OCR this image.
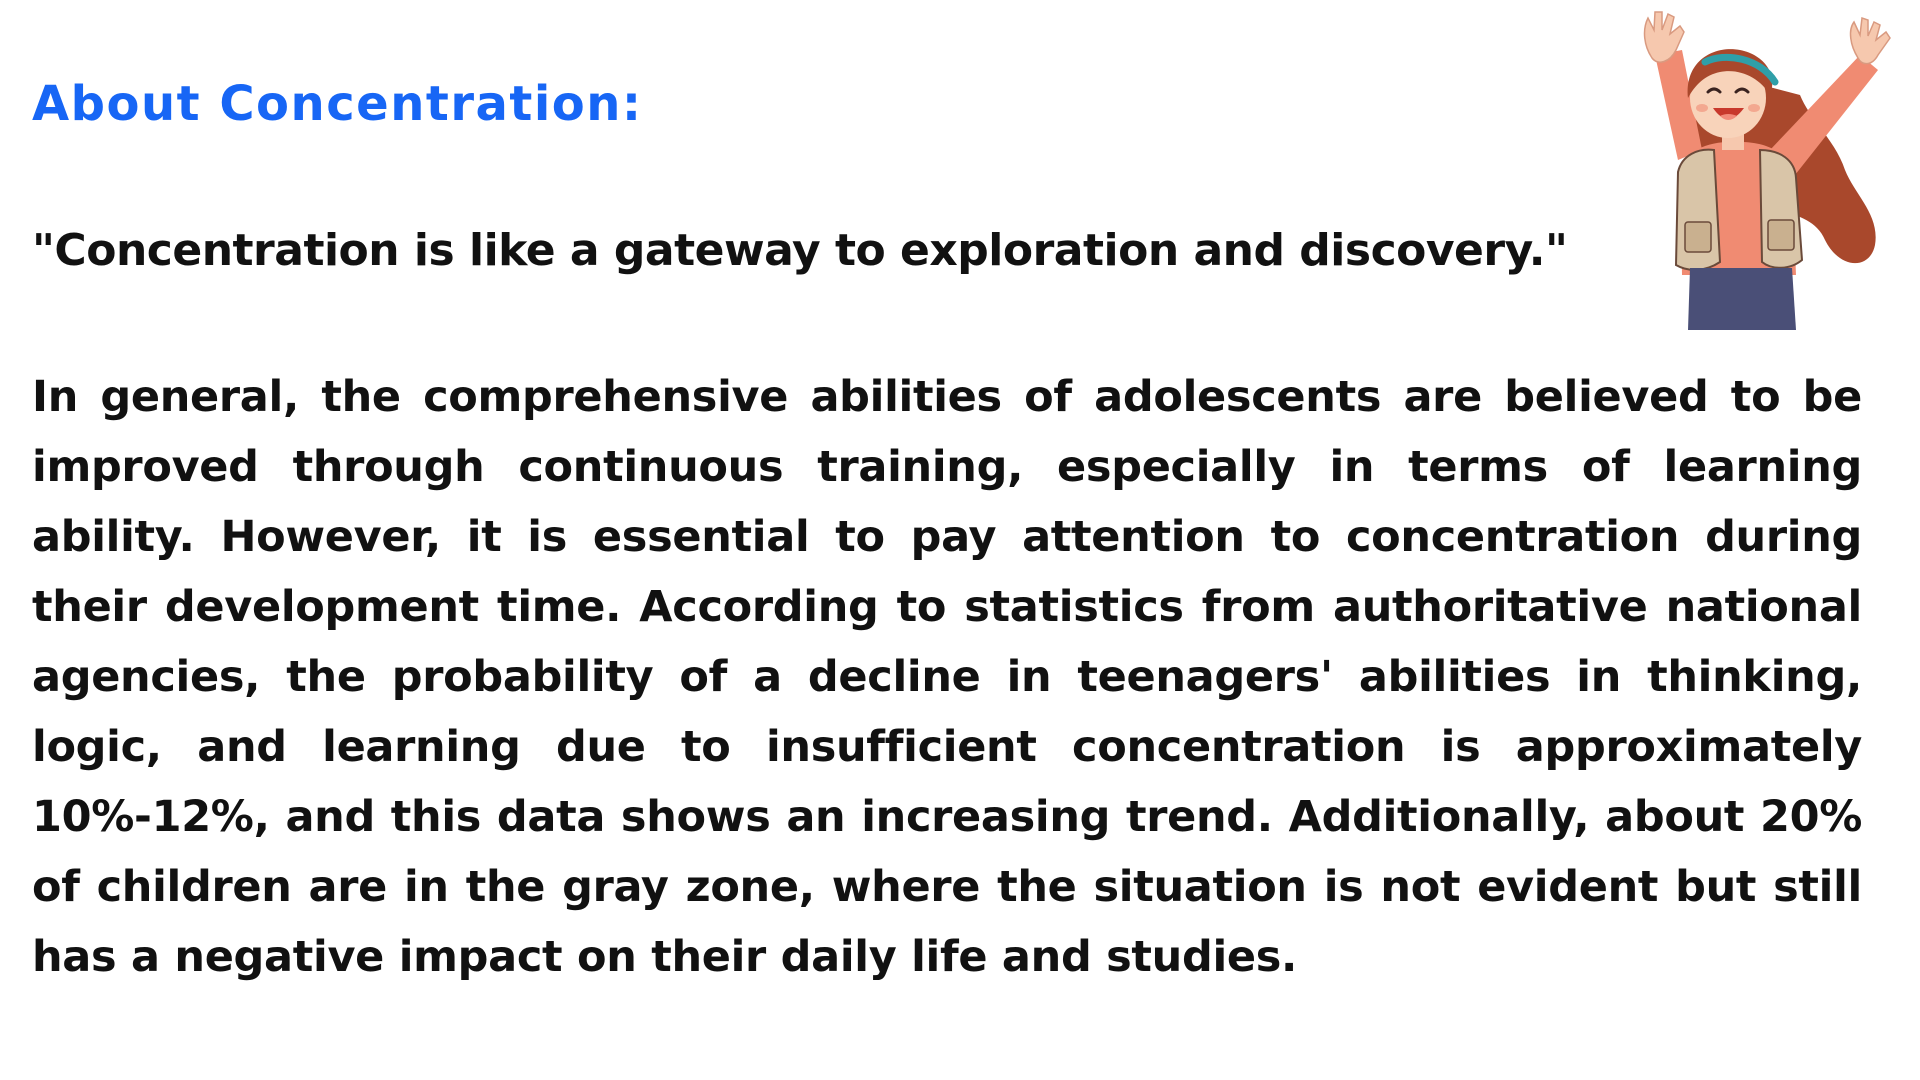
About Concentration:

"Concentration is like a gateway to exploration and discovery."

In general, the comprehensive abilities of adolescents are believed to be improved through continuous training, especially in terms of learning ability. However, it is essential to pay attention to concentration during their development time. According to statistics from authoritative national agencies, the probability of a decline in teenagers' abilities in thinking, logic, and learning due to insufficient concentration is approximately 10%-12%, and this data shows an increasing trend. Additionally, about 20% of children are in the gray zone, where the situation is not evident but still has a negative impact on their daily life and studies.
